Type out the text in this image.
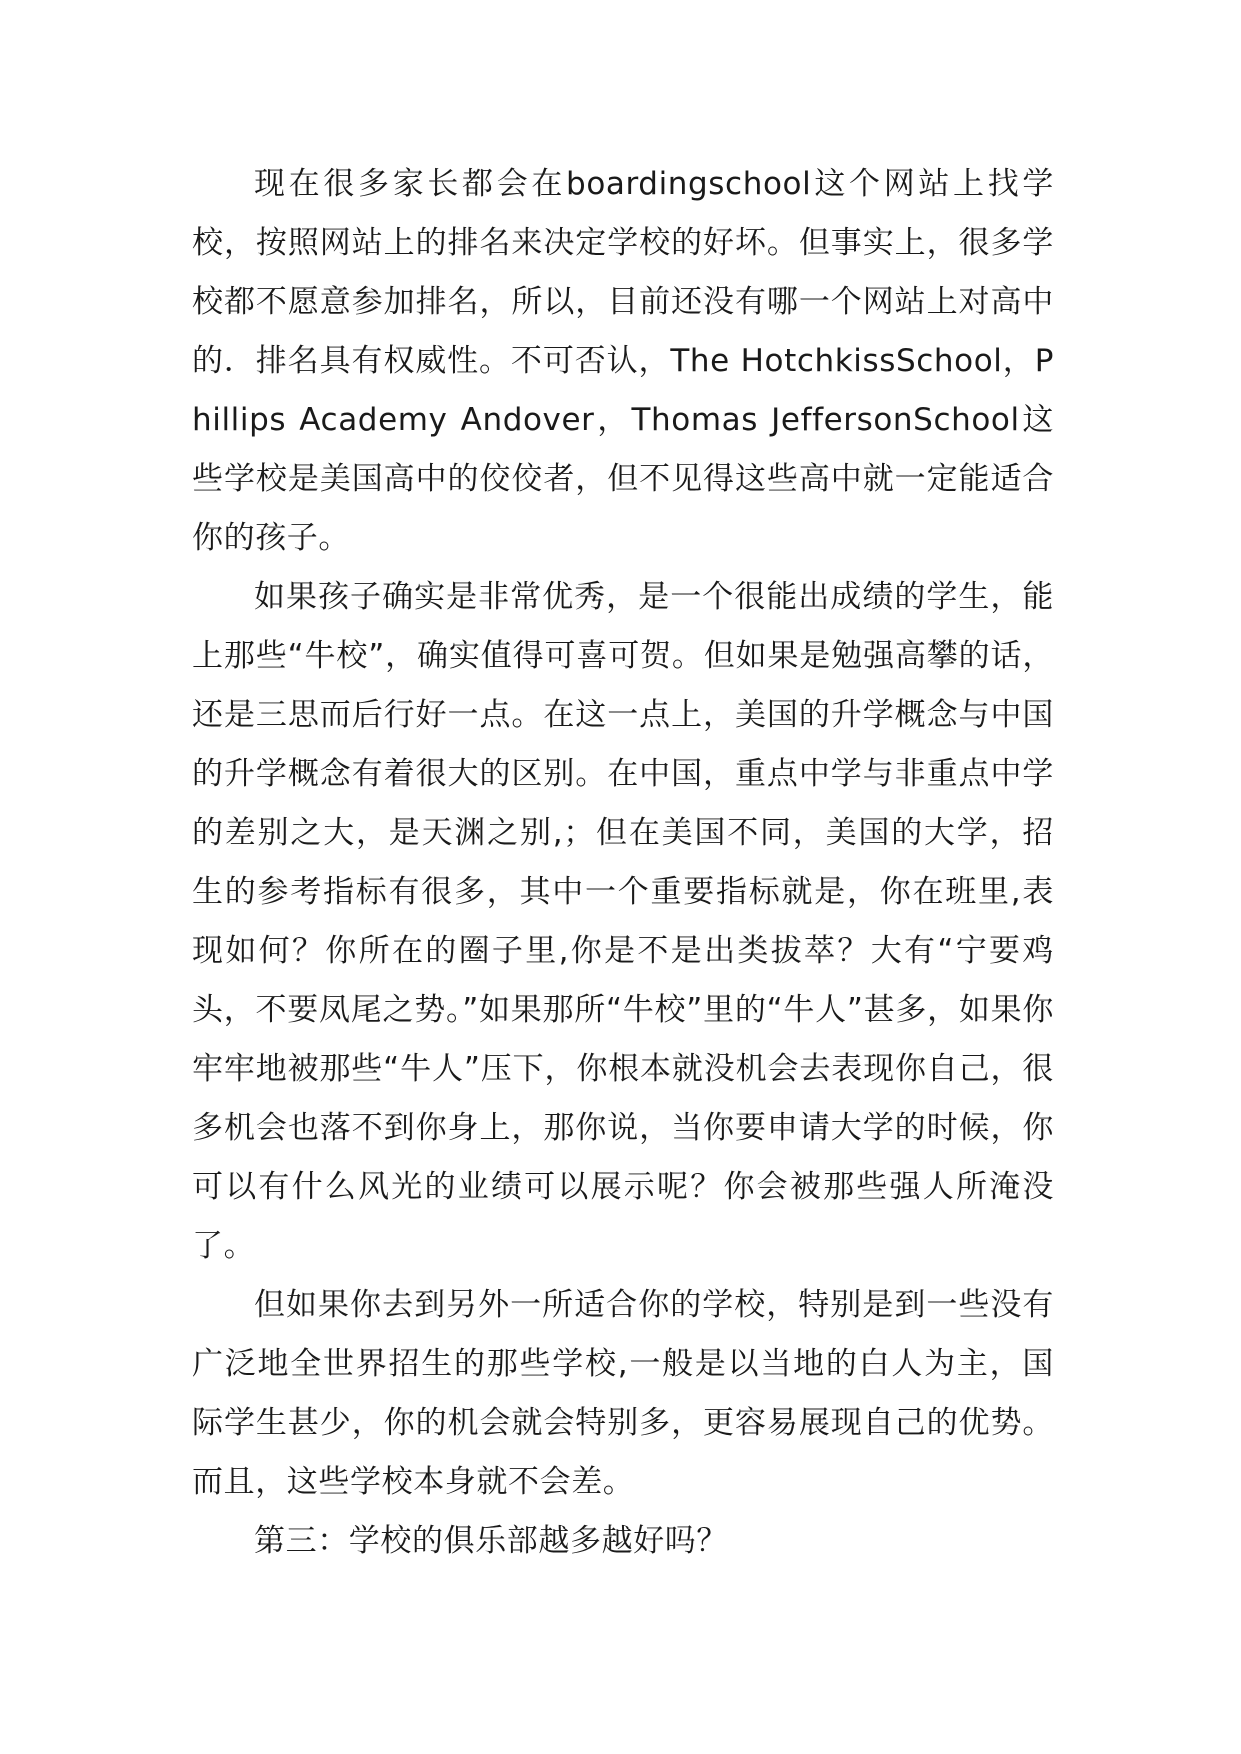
现在很多家长都会在boardingschool这个网站上找学校，按照网站上的排名来决定学校的好坏。但事实上，很多学校都不愿意参加排名，所以，目前还没有哪一个网站上对高中的．排名具有权威性。不可否认，The HotchkissSchool，Phillips Academy Andover，Thomas JeffersonSchool这些学校是美国高中的佼佼者，但不见得这些高中就一定能适合你的孩子。

如果孩子确实是非常优秀，是一个很能出成绩的学生，能上那些“牛校”，确实值得可喜可贺。但如果是勉强高攀的话，还是三思而后行好一点。在这一点上，美国的升学概念与中国的升学概念有着很大的区别。在中国，重点中学与非重点中学的差别之大，是天渊之别,；但在美国不同，美国的大学，招生的参考指标有很多，其中一个重要指标就是，你在班里,表现如何？你所在的圈子里,你是不是出类拔萃？大有“宁要鸡头，不要凤尾之势。”如果那所“牛校”里的“牛人”甚多，如果你牢牢地被那些“牛人”压下，你根本就没机会去表现你自己，很多机会也落不到你身上，那你说，当你要申请大学的时候，你可以有什么风光的业绩可以展示呢？你会被那些强人所淹没了。

但如果你去到另外一所适合你的学校，特别是到一些没有广泛地全世界招生的那些学校,一般是以当地的白人为主，国际学生甚少，你的机会就会特别多，更容易展现自己的优势。而且，这些学校本身就不会差。

第三：学校的俱乐部越多越好吗？
